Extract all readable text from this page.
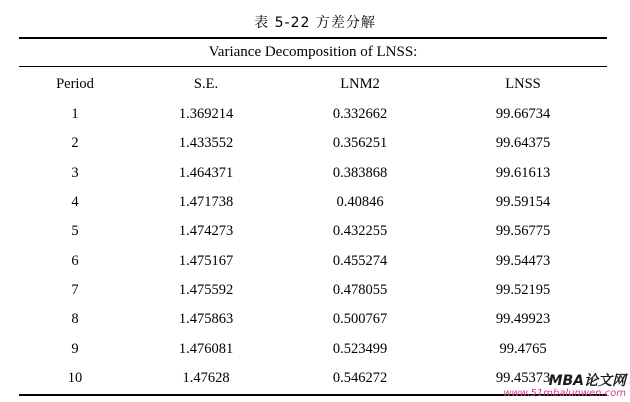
表 5-22 方差分解
Variance Decomposition of LNSS:
Period	S.E.	LNM2	LNSS
1	1.369214	0.332662	99.66734
2	1.433552	0.356251	99.64375
3	1.464371	0.383868	99.61613
4	1.471738	0.40846	99.59154
5	1.474273	0.432255	99.56775
6	1.475167	0.455274	99.54473
7	1.475592	0.478055	99.52195
8	1.475863	0.500767	99.49923
9	1.476081	0.523499	99.4765
10	1.47628	0.546272	99.45373
MBA论文网
www.51mbalunwen.com
